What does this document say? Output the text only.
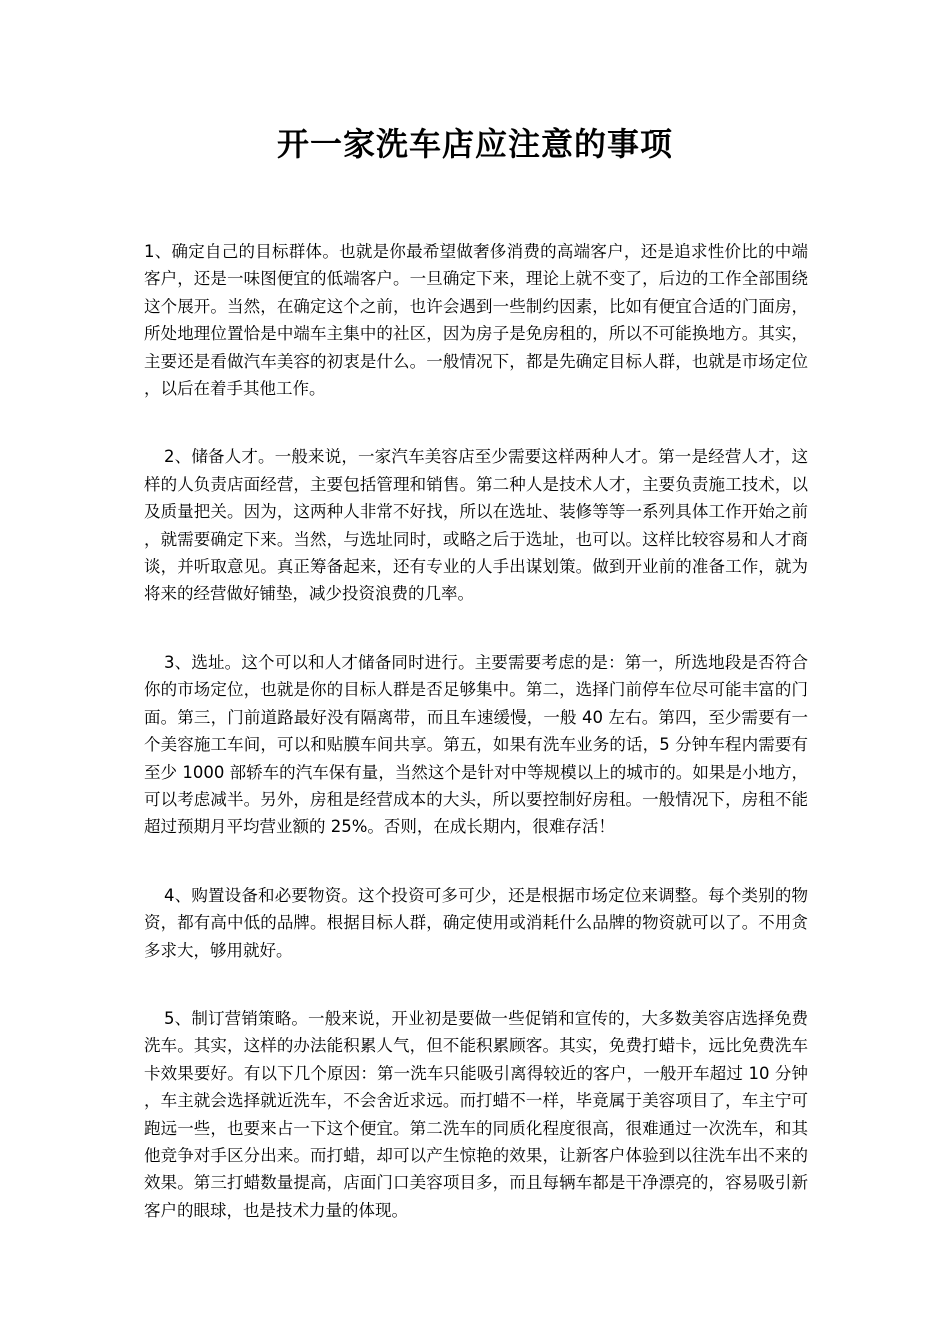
开一家洗车店应注意的事项

1、确定自己的目标群体。也就是你最希望做奢侈消费的高端客户，还是追求性价比的中端客户，还是一味图便宜的低端客户。一旦确定下来，理论上就不变了，后边的工作全部围绕这个展开。当然，在确定这个之前，也许会遇到一些制约因素，比如有便宜合适的门面房，所处地理位置恰是中端车主集中的社区，因为房子是免房租的，所以不可能换地方。其实，主要还是看做汽车美容的初衷是什么。一般情况下，都是先确定目标人群，也就是市场定位，以后在着手其他工作。

2、储备人才。一般来说，一家汽车美容店至少需要这样两种人才。第一是经营人才，这样的人负责店面经营，主要包括管理和销售。第二种人是技术人才，主要负责施工技术，以及质量把关。因为，这两种人非常不好找，所以在选址、装修等等一系列具体工作开始之前，就需要确定下来。当然，与选址同时，或略之后于选址，也可以。这样比较容易和人才商谈，并听取意见。真正筹备起来，还有专业的人手出谋划策。做到开业前的准备工作，就为将来的经营做好铺垫，减少投资浪费的几率。

3、选址。这个可以和人才储备同时进行。主要需要考虑的是：第一，所选地段是否符合你的市场定位，也就是你的目标人群是否足够集中。第二，选择门前停车位尽可能丰富的门面。第三，门前道路最好没有隔离带，而且车速缓慢，一般 40 左右。第四，至少需要有一个美容施工车间，可以和贴膜车间共享。第五，如果有洗车业务的话，5 分钟车程内需要有至少 1000 部轿车的汽车保有量，当然这个是针对中等规模以上的城市的。如果是小地方，可以考虑减半。另外，房租是经营成本的大头，所以要控制好房租。一般情况下，房租不能超过预期月平均营业额的 25%。否则，在成长期内，很难存活！

4、购置设备和必要物资。这个投资可多可少，还是根据市场定位来调整。每个类别的物资，都有高中低的品牌。根据目标人群，确定使用或消耗什么品牌的物资就可以了。不用贪多求大，够用就好。

5、制订营销策略。一般来说，开业初是要做一些促销和宣传的，大多数美容店选择免费洗车。其实，这样的办法能积累人气，但不能积累顾客。其实，免费打蜡卡，远比免费洗车卡效果要好。有以下几个原因：第一洗车只能吸引离得较近的客户，一般开车超过 10 分钟，车主就会选择就近洗车，不会舍近求远。而打蜡不一样，毕竟属于美容项目了，车主宁可跑远一些，也要来占一下这个便宜。第二洗车的同质化程度很高，很难通过一次洗车，和其他竞争对手区分出来。而打蜡，却可以产生惊艳的效果，让新客户体验到以往洗车出不来的效果。第三打蜡数量提高，店面门口美容项目多，而且每辆车都是干净漂亮的，容易吸引新客户的眼球，也是技术力量的体现。
